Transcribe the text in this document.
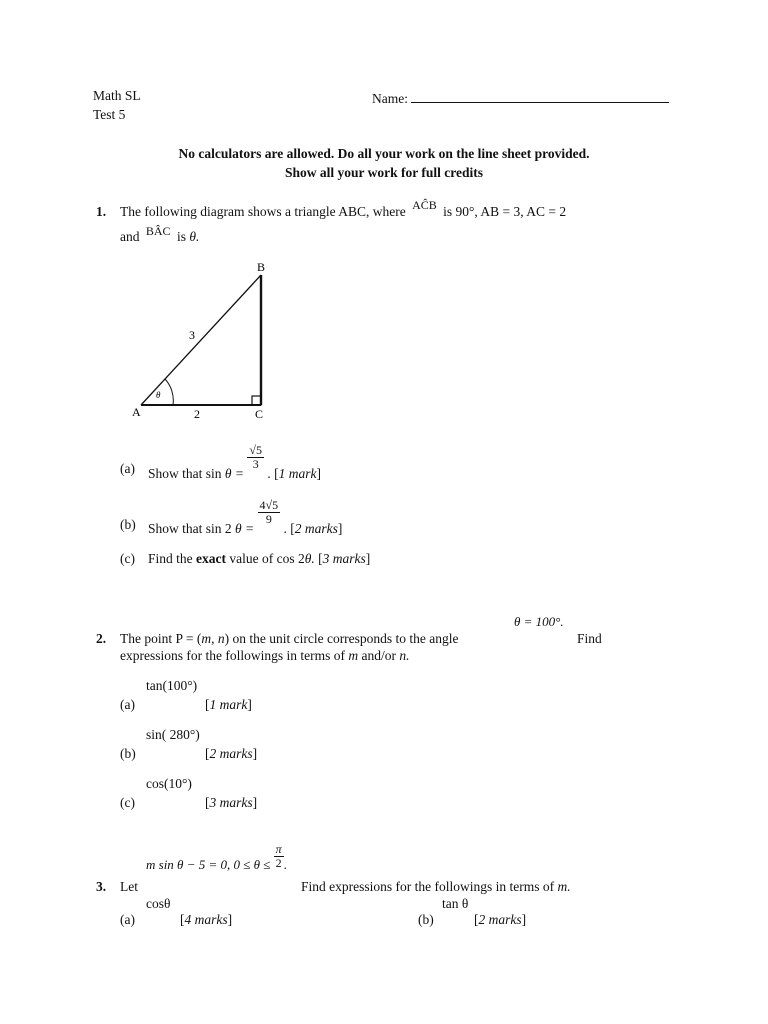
Math SL
Test 5
Name:
No calculators are allowed. Do all your work on the line sheet provided.
Show all your work for full credits
1. The following diagram shows a triangle ABC, where AĈB is 90°, AB = 3, AC = 2
and BÂC is θ.
θ
A
B
C
3
2
(a) Show that sin θ =
$\frac{√5}{3}$
. [1 mark]
(b) Show that sin 2 θ =
$\frac{4√5}{9}$
. [2 marks]
(c) Find the exact value of cos 2θ. [3 marks]
θ = 100°.
2. The point P = (m, n) on the unit circle corresponds to the angle	Find
expressions for the followings in terms of m and/or n.
tan(100°)
(a)	[1 mark]
sin( 280°)
(b)	[2 marks]
cos(10°)
(c)	[3 marks]
m sin θ − 5 = 0, $0 \le \theta \le \frac{\pi}{2}$ .
3. Let	Find expressions for the followings in terms of m.
cosθ
(a)	[4 marks]
tan θ
(b)	[2 marks]
